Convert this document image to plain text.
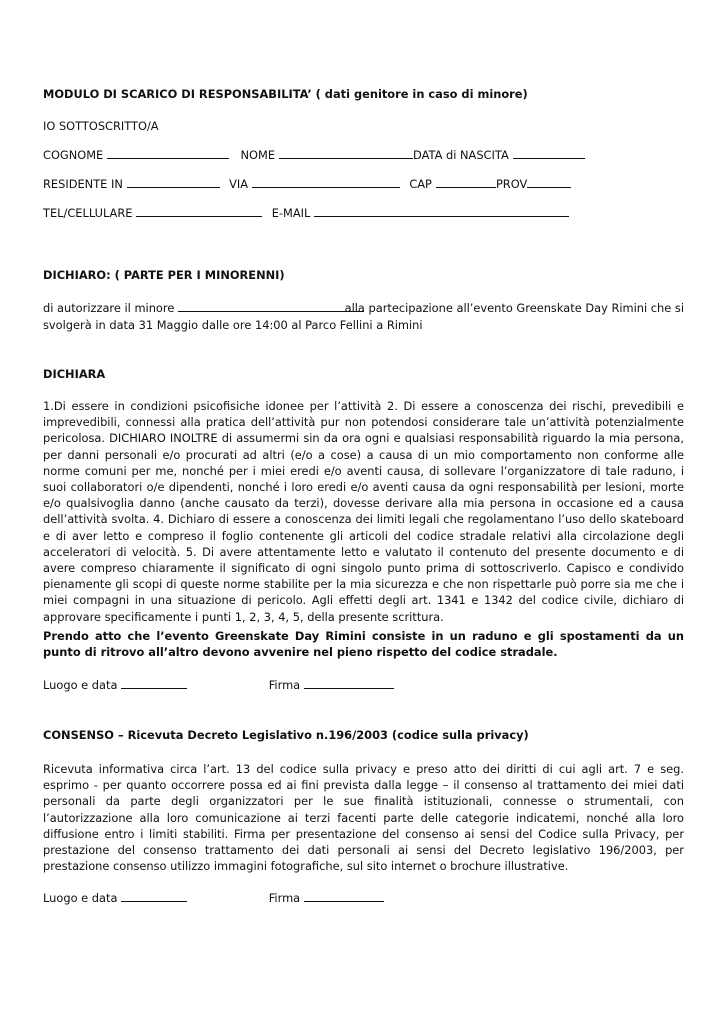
MODULO DI SCARICO DI RESPONSABILITA’ ( dati genitore in caso di minore)
IO SOTTOSCRITTO/A
COGNOME	NOME	DATA di NASCITA
RESIDENTE IN	VIA	CAP	PROV
TEL/CELLULARE	E-MAIL
DICHIARO: ( PARTE PER I MINORENNI)
di autorizzare il minore	alla partecipazione all’evento Greenskate Day Rimini che si
svolgerà in data 31 Maggio dalle ore 14:00 al Parco Fellini a Rimini
DICHIARA
1.Di essere in condizioni psicofisiche idonee per l’attività 2. Di essere a conoscenza dei rischi, prevedibili e imprevedibili, connessi alla pratica dell’attività pur non potendosi considerare tale un’attività potenzialmente pericolosa. DICHIARO INOLTRE di assumermi sin da ora ogni e qualsiasi responsabilità riguardo la mia persona, per danni personali e/o procurati ad altri (e/o a cose) a causa di un mio comportamento non conforme alle norme comuni per me, nonché per i miei eredi e/o aventi causa, di sollevare l’organizzatore di tale raduno, i suoi collaboratori o/e dipendenti, nonché i loro eredi e/o aventi causa da ogni responsabilità per lesioni, morte e/o qualsivoglia danno (anche causato da terzi), dovesse derivare alla mia persona in occasione ed a causa dell’attività svolta. 4. Dichiaro di essere a conoscenza dei limiti legali che regolamentano l’uso dello skateboard e di aver letto e compreso il foglio contenente gli articoli del codice stradale relativi alla circolazione degli acceleratori di velocità. 5. Di avere attentamente letto e valutato il contenuto del presente documento e di avere compreso chiaramente il significato di ogni singolo punto prima di sottoscriverlo. Capisco e condivido pienamente gli scopi di queste norme stabilite per la mia sicurezza e che non rispettarle può porre sia me che i miei compagni in una situazione di pericolo. Agli effetti degli art. 1341 e 1342 del codice civile, dichiaro di approvare specificamente i punti 1, 2, 3, 4, 5, della presente scrittura.
Prendo atto che l’evento Greenskate Day Rimini consiste in un raduno e gli spostamenti da un punto di ritrovo all’altro devono avvenire nel pieno rispetto del codice stradale.
Luogo e data	Firma
CONSENSO – Ricevuta Decreto Legislativo n.196/2003 (codice sulla privacy)
Ricevuta informativa circa l’art. 13 del codice sulla privacy e preso atto dei diritti di cui agli art. 7 e seg. esprimo - per quanto occorrere possa ed ai fini prevista dalla legge – il consenso al trattamento dei miei dati personali da parte degli organizzatori per le sue finalità istituzionali, connesse o strumentali, con l’autorizzazione alla loro comunicazione ai terzi facenti parte delle categorie indicatemi, nonché alla loro diffusione entro i limiti stabiliti. Firma per presentazione del consenso ai sensi del Codice sulla Privacy, per prestazione del consenso trattamento dei dati personali ai sensi del Decreto legislativo 196/2003, per prestazione consenso utilizzo immagini fotografiche, sul sito internet o brochure illustrative.
Luogo e data	Firma
